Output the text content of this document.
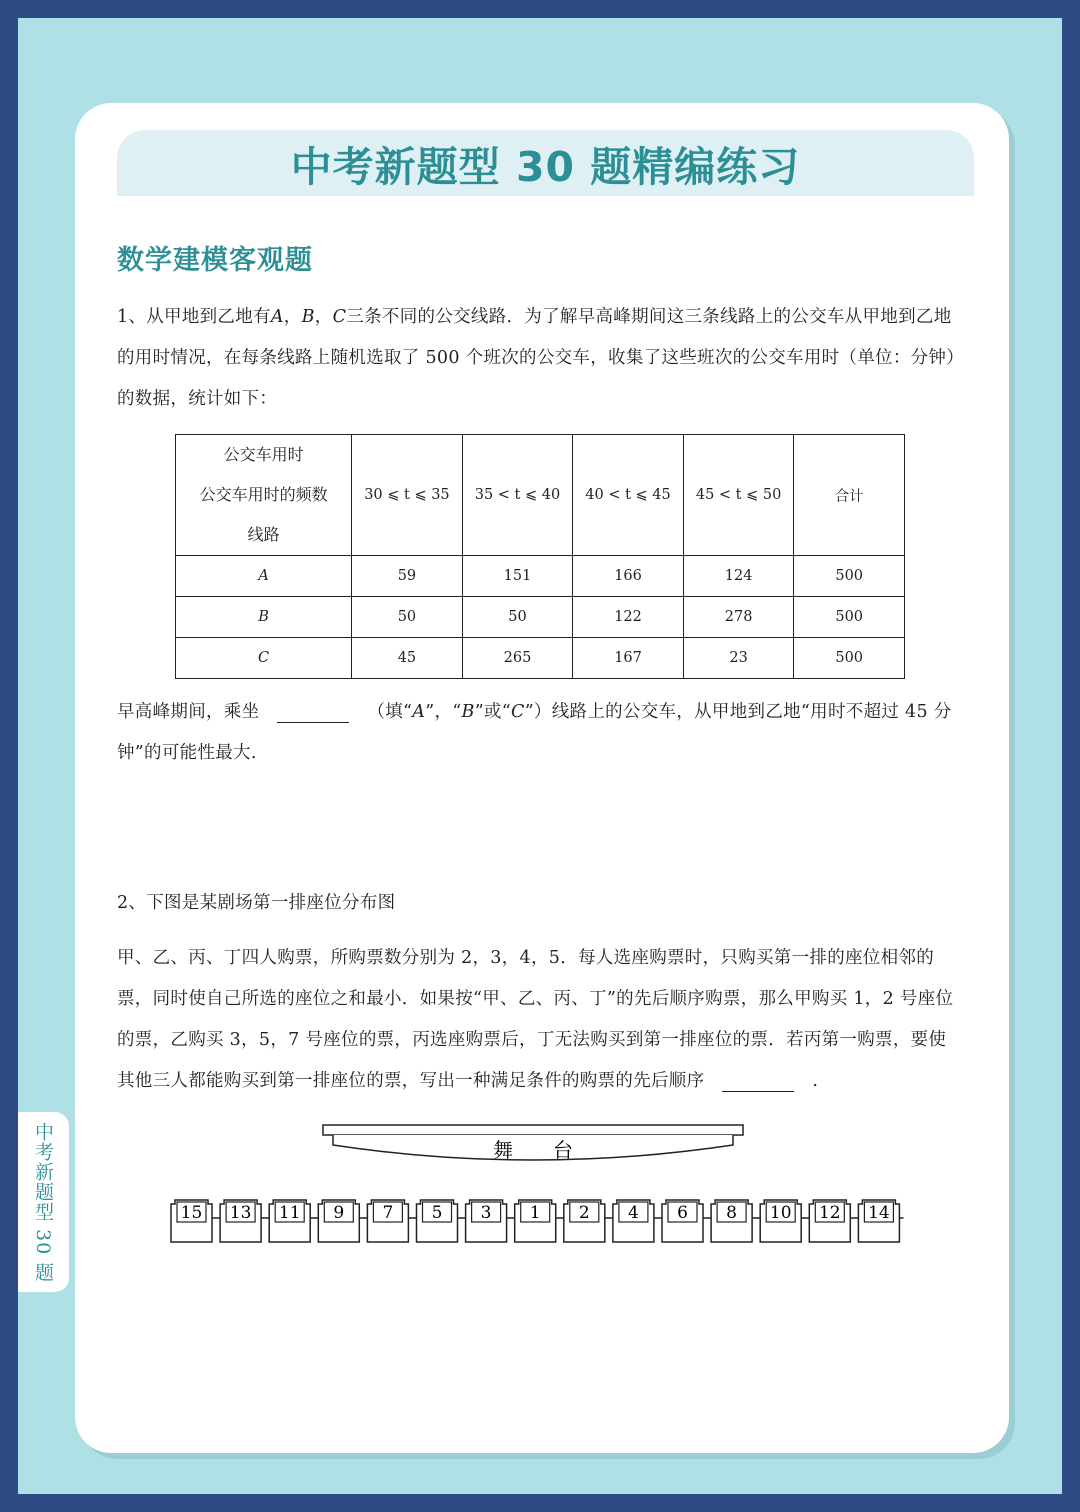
中考新题型 30 题精编练习
数学建模客观题
1、从甲地到乙地有A，B，C三条不同的公交线路．为了解早高峰期间这三条线路上的公交车从甲地到乙地的用时情况，在每条线路上随机选取了 500 个班次的公交车，收集了这些班次的公交车用时（单位：分钟）的数据，统计如下：
公交车用时
公交车用时的频数
线路	30 ⩽ t ⩽ 35	35 < t ⩽ 40	40 < t ⩽ 45	45 < t ⩽ 50	合计
A	59	151	166	124	500
B	50	50	122	278	500
C	45	265	167	23	500
早高峰期间，乘坐	（填“A”，“B”或“C”）线路上的公交车，从甲地到乙地“用时不超过 45 分钟”的可能性最大.
2、下图是某剧场第一排座位分布图
甲、乙、丙、丁四人购票，所购票数分别为 2，3，4，5．每人选座购票时，只购买第一排的座位相邻的票，同时使自己所选的座位之和最小．如果按“甲、乙、丙、丁”的先后顺序购票，那么甲购买 1，2 号座位的票，乙购买 3，5，7 号座位的票，丙选座购票后，丁无法购买到第一排座位的票．若丙第一购票，要使其他三人都能购买到第一排座位的票，写出一种满足条件的购票的先后顺序	.
舞 台
15 13 11 9 7 5 3 1 2 4 6 8 10 12 14
中考新题型 30 题
